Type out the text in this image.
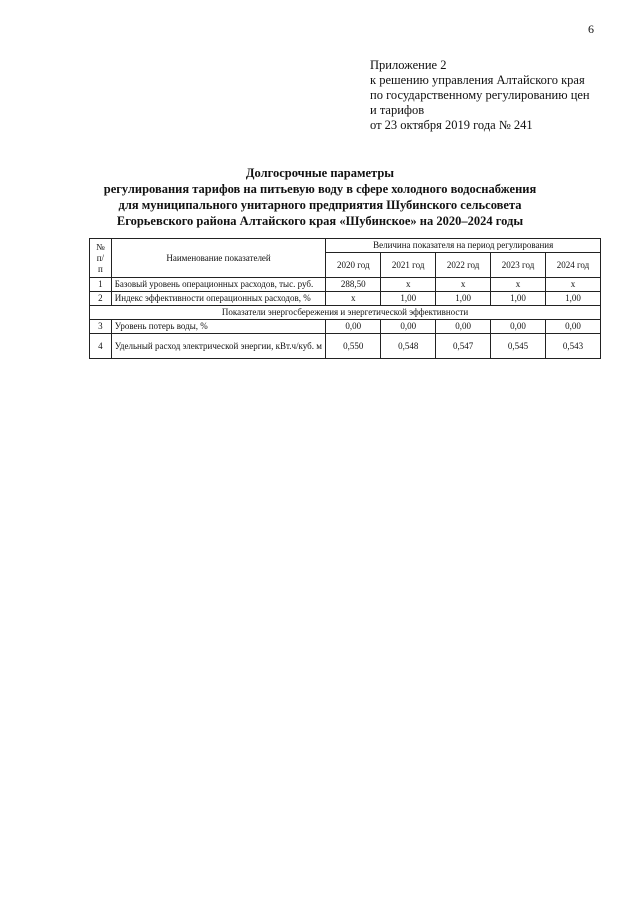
6
Приложение 2
к решению управления Алтайского края
по государственному регулированию цен
и тарифов
от 23 октября 2019 года № 241
Долгосрочные параметры
регулирования тарифов на питьевую воду в сфере холодного водоснабжения
для муниципального унитарного предприятия Шубинского сельсовета
Егорьевского района Алтайского края «Шубинское» на 2020–2024 годы
№
п/
п	Наименование показателей	Величина показателя на период регулирования				
		2020 год	2021 год	2022 год	2023 год	2024 год
1	Базовый уровень операционных расходов, тыс. руб.	288,50	x	x	x	x
2	Индекс эффективности операционных расходов, %	x	1,00	1,00	1,00	1,00
Показатели энергосбережения и энергетической эффективности						
3	Уровень потерь воды, %	0,00	0,00	0,00	0,00	0,00
4	Удельный расход электрической энергии, кВт.ч/куб. м	0,550	0,548	0,547	0,545	0,543
